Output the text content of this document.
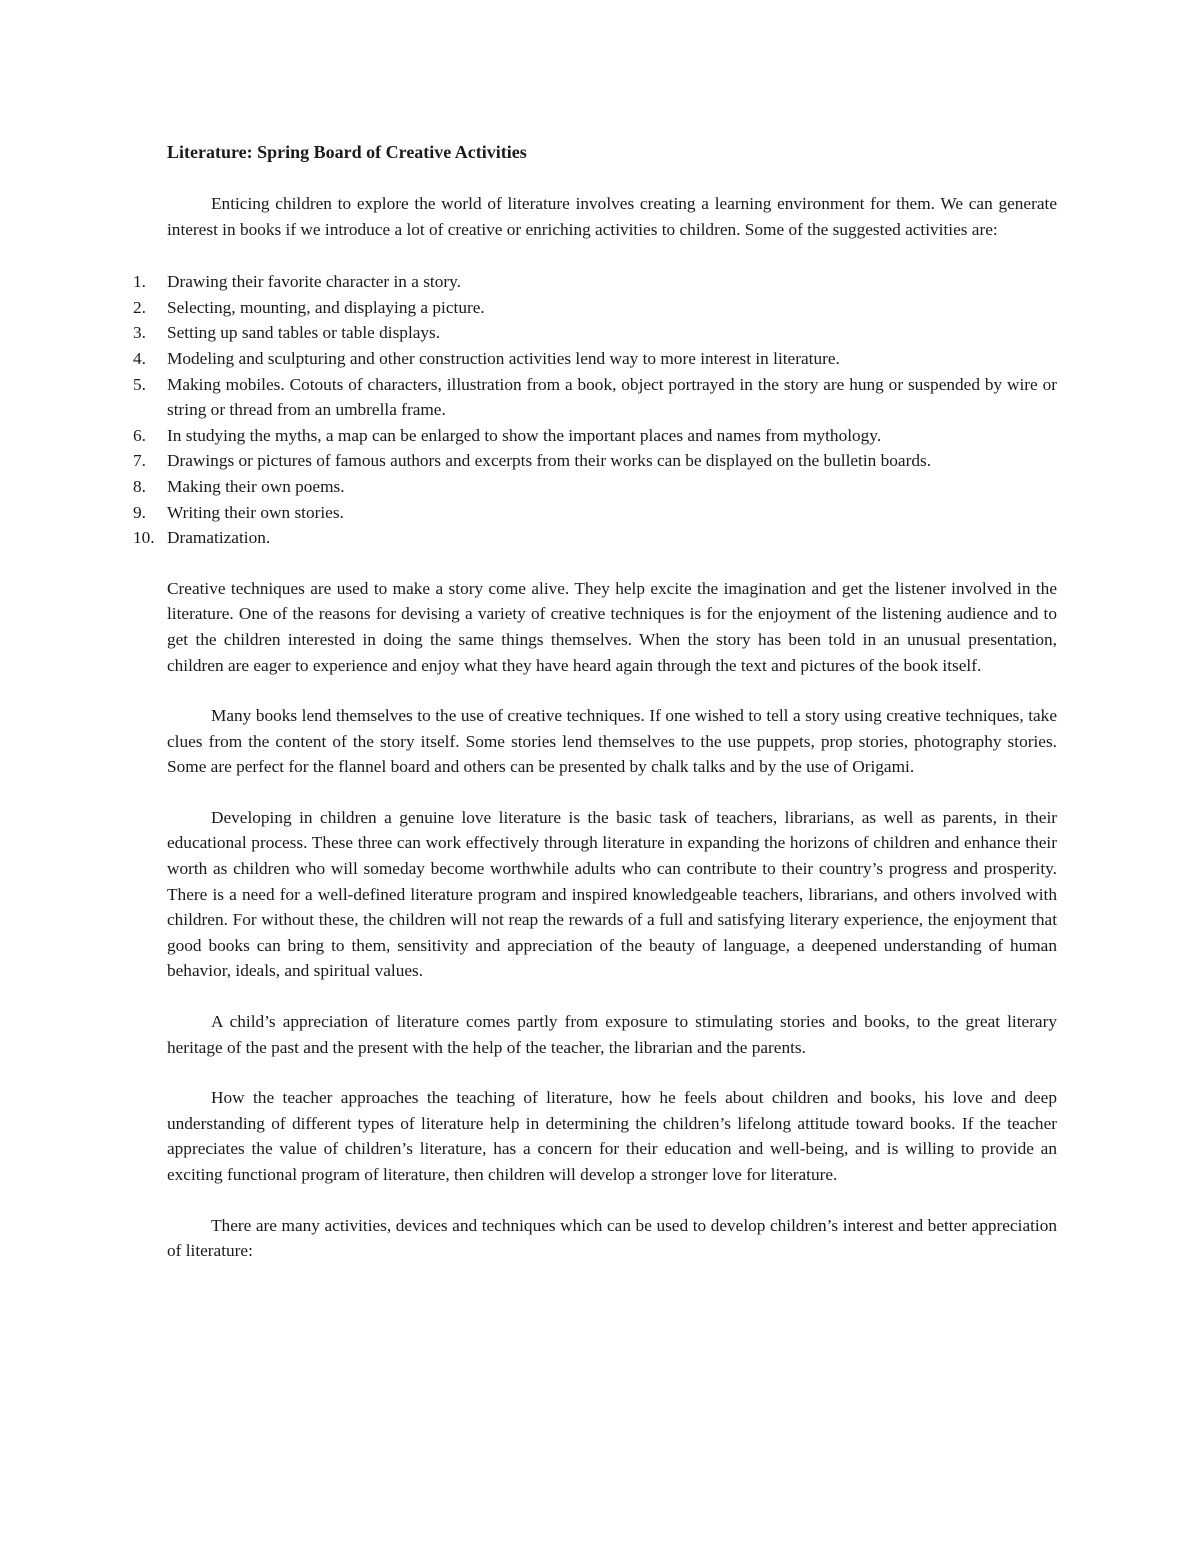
Literature: Spring Board of Creative Activities

Enticing children to explore the world of literature involves creating a learning environment for them. We can generate interest in books if we introduce a lot of creative or enriching activities to children. Some of the suggested activities are:

1.	Drawing their favorite character in a story.
2.	Selecting, mounting, and displaying a picture.
3.	Setting up sand tables or table displays.
4.	Modeling and sculpturing and other construction activities lend way to more interest in literature.
5.	Making mobiles. Cotouts of characters, illustration from a book, object portrayed in the story are hung or suspended by wire or string or thread from an umbrella frame.
6.	In studying the myths, a map can be enlarged to show the important places and names from mythology.
7.	Drawings or pictures of famous authors and excerpts from their works can be displayed on the bulletin boards.
8.	Making their own poems.
9.	Writing their own stories.
10. Dramatization.

Creative techniques are used to make a story come alive. They help excite the imagination and get the listener involved in the literature. One of the reasons for devising a variety of creative techniques is for the enjoyment of the listening audience and to get the children interested in doing the same things themselves. When the story has been told in an unusual presentation, children are eager to experience and enjoy what they have heard again through the text and pictures of the book itself.

Many books lend themselves to the use of creative techniques. If one wished to tell a story using creative techniques, take clues from the content of the story itself. Some stories lend themselves to the use puppets, prop stories, photography stories. Some are perfect for the flannel board and others can be presented by chalk talks and by the use of Origami.

Developing in children a genuine love literature is the basic task of teachers, librarians, as well as parents, in their educational process. These three can work effectively through literature in expanding the horizons of children and enhance their worth as children who will someday become worthwhile adults who can contribute to their country’s progress and prosperity. There is a need for a well-defined literature program and inspired knowledgeable teachers, librarians, and others involved with children. For without these, the children will not reap the rewards of a full and satisfying literary experience, the enjoyment that good books can bring to them, sensitivity and appreciation of the beauty of language, a deepened understanding of human behavior, ideals, and spiritual values.

A child’s appreciation of literature comes partly from exposure to stimulating stories and books, to the great literary heritage of the past and the present with the help of the teacher, the librarian and the parents.

How the teacher approaches the teaching of literature, how he feels about children and books, his love and deep understanding of different types of literature help in determining the children’s lifelong attitude toward books. If the teacher appreciates the value of children’s literature, has a concern for their education and well-being, and is willing to provide an exciting functional program of literature, then children will develop a stronger love for literature.

There are many activities, devices and techniques which can be used to develop children’s interest and better appreciation of literature:
